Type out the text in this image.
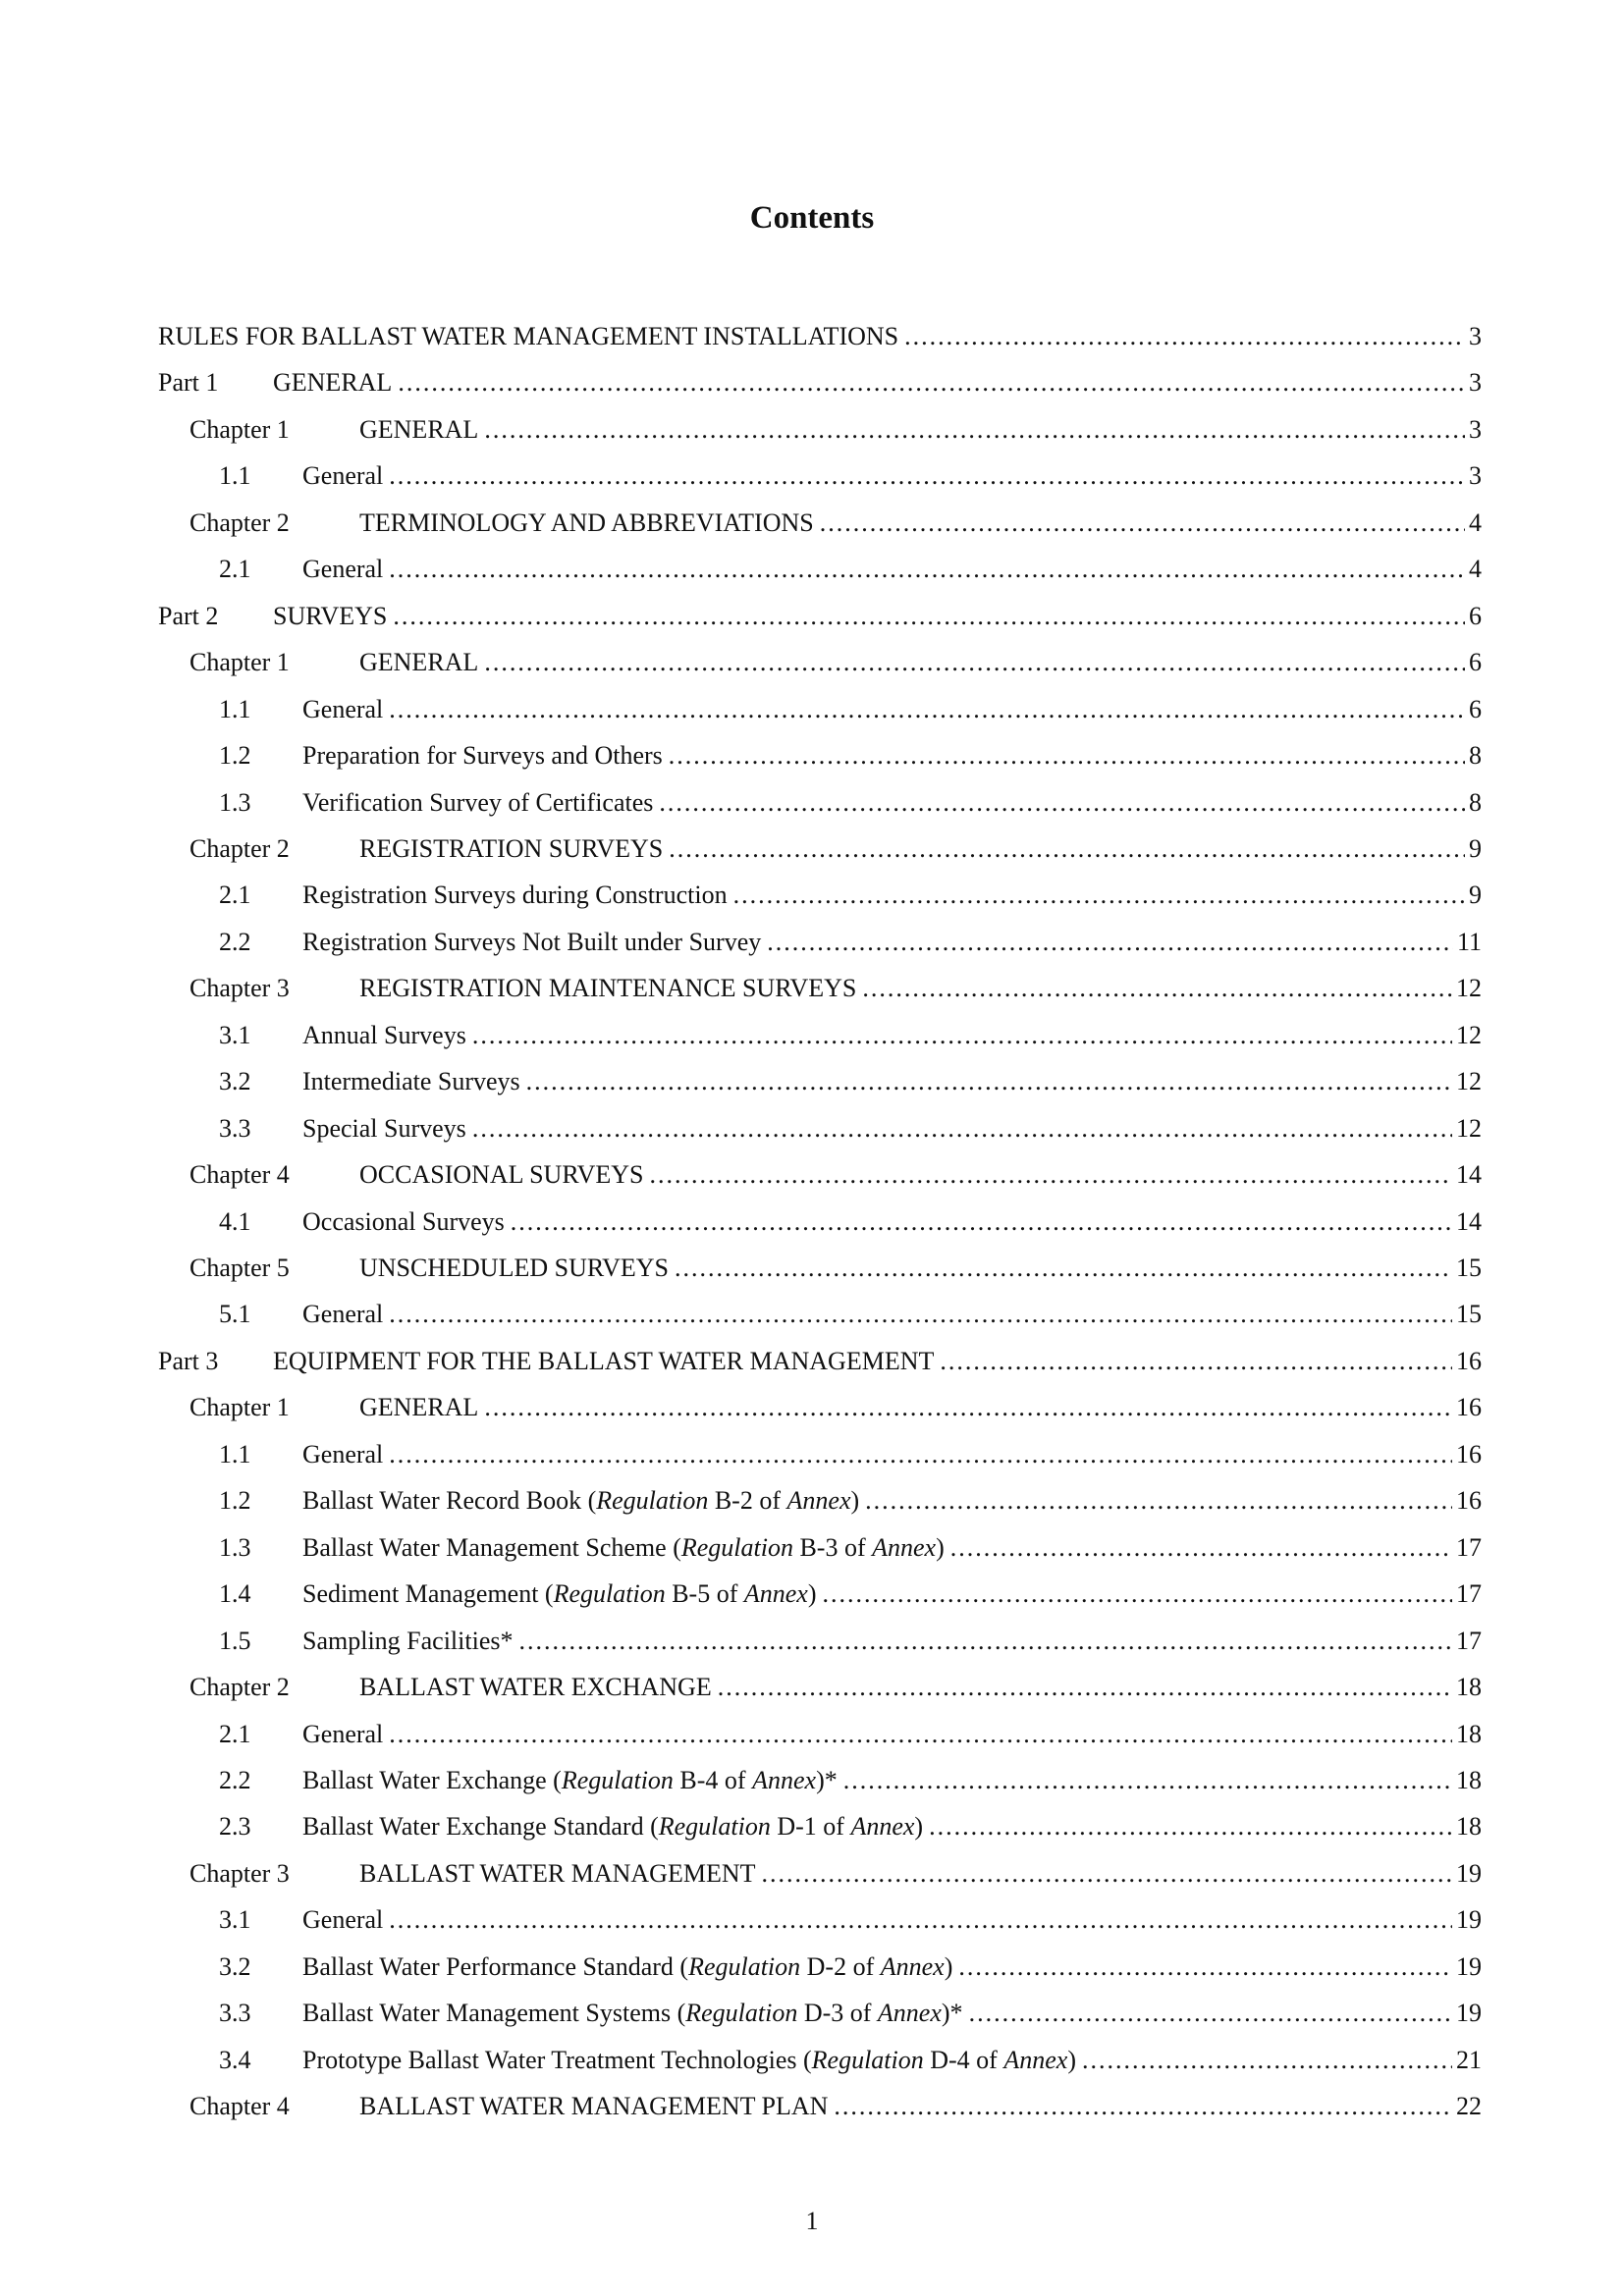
Contents
RULES FOR BALLAST WATER MANAGEMENT INSTALLATIONS .....	3
Part 1	GENERAL .....	3
Chapter 1	GENERAL .....	3
1.1	General .....	3
Chapter 2	TERMINOLOGY AND ABBREVIATIONS .....	4
2.1	General .....	4
Part 2	SURVEYS .....	6
Chapter 1	GENERAL .....	6
1.1	General .....	6
1.2	Preparation for Surveys and Others .....	8
1.3	Verification Survey of Certificates .....	8
Chapter 2	REGISTRATION SURVEYS .....	9
2.1	Registration Surveys during Construction .....	9
2.2	Registration Surveys Not Built under Survey .....	11
Chapter 3	REGISTRATION MAINTENANCE SURVEYS .....	12
3.1	Annual Surveys .....	12
3.2	Intermediate Surveys .....	12
3.3	Special Surveys .....	12
Chapter 4	OCCASIONAL SURVEYS .....	14
4.1	Occasional Surveys .....	14
Chapter 5	UNSCHEDULED SURVEYS .....	15
5.1	General .....	15
Part 3	EQUIPMENT FOR THE BALLAST WATER MANAGEMENT .....	16
Chapter 1	GENERAL .....	16
1.1	General .....	16
1.2	Ballast Water Record Book (Regulation B-2 of Annex) .....	16
1.3	Ballast Water Management Scheme (Regulation B-3 of Annex) .....	17
1.4	Sediment Management (Regulation B-5 of Annex) .....	17
1.5	Sampling Facilities* .....	17
Chapter 2	BALLAST WATER EXCHANGE .....	18
2.1	General .....	18
2.2	Ballast Water Exchange (Regulation B-4 of Annex)* .....	18
2.3	Ballast Water Exchange Standard (Regulation D-1 of Annex) .....	18
Chapter 3	BALLAST WATER MANAGEMENT .....	19
3.1	General .....	19
3.2	Ballast Water Performance Standard (Regulation D-2 of Annex) .....	19
3.3	Ballast Water Management Systems (Regulation D-3 of Annex)* .....	19
3.4	Prototype Ballast Water Treatment Technologies (Regulation D-4 of Annex) .....	21
Chapter 4	BALLAST WATER MANAGEMENT PLAN .....	22
1
